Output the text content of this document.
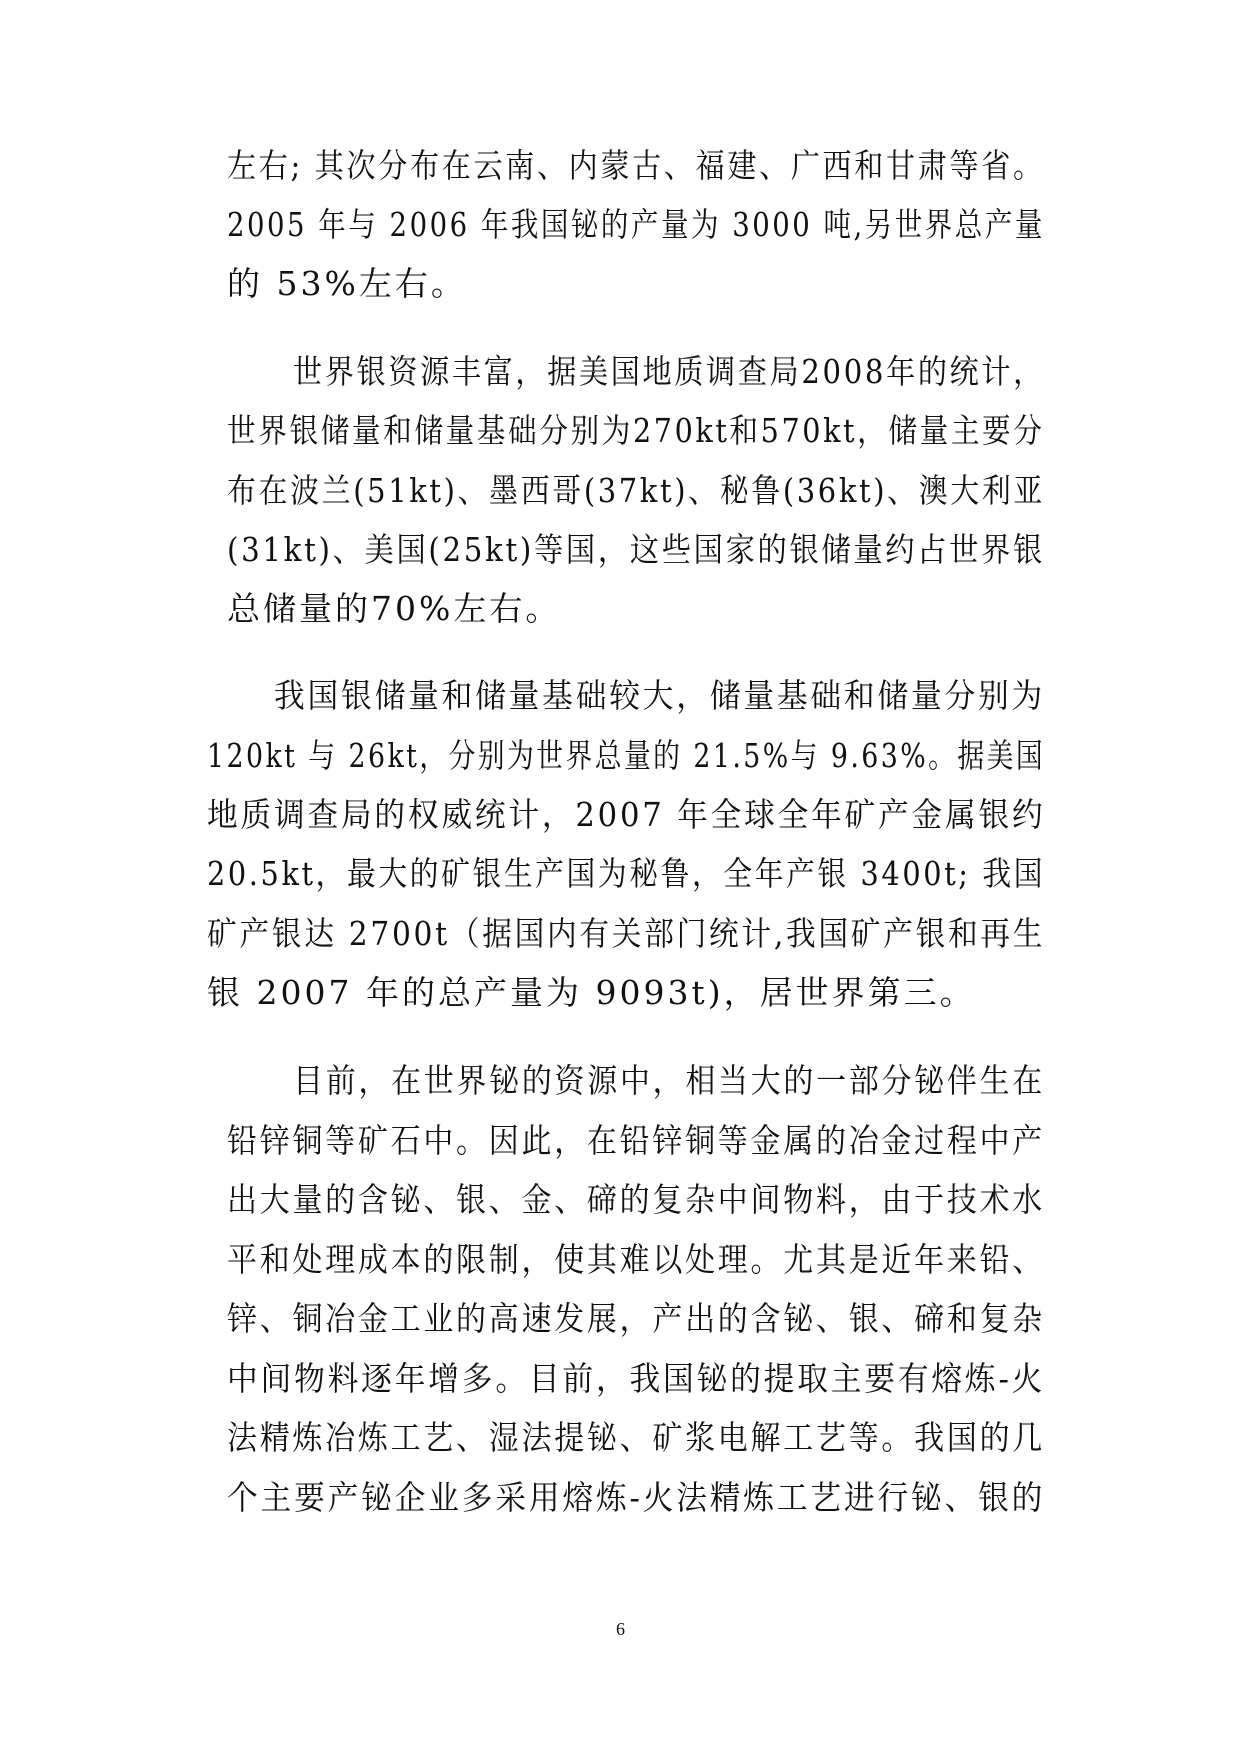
左右; 其次分布在云南、内蒙古、福建、广西和甘肃等省。
2005 年与 2006 年我国铋的产量为 3000 吨,另世界总产量
的 53%左右。
世界银资源丰富，据美国地质调查局2008年的统计，
世界银储量和储量基础分别为270kt和570kt，储量主要分
布在波兰(51kt)、墨西哥(37kt)、秘鲁(36kt)、澳大利亚
(31kt)、美国(25kt)等国，这些国家的银储量约占世界银
总储量的70%左右。
我国银储量和储量基础较大，储量基础和储量分别为
120kt 与 26kt，分别为世界总量的 21.5%与 9.63%。据美国
地质调查局的权威统计，2007 年全球全年矿产金属银约
20.5kt，最大的矿银生产国为秘鲁，全年产银 3400t; 我国
矿产银达 2700t（据国内有关部门统计,我国矿产银和再生
银 2007 年的总产量为 9093t)，居世界第三。
目前，在世界铋的资源中，相当大的一部分铋伴生在
铅锌铜等矿石中。因此，在铅锌铜等金属的冶金过程中产
出大量的含铋、银、金、碲的复杂中间物料，由于技术水
平和处理成本的限制，使其难以处理。尤其是近年来铅、
锌、铜冶金工业的高速发展，产出的含铋、银、碲和复杂
中间物料逐年增多。目前，我国铋的提取主要有熔炼-火
法精炼冶炼工艺、湿法提铋、矿浆电解工艺等。我国的几
个主要产铋企业多采用熔炼-火法精炼工艺进行铋、银的
6
